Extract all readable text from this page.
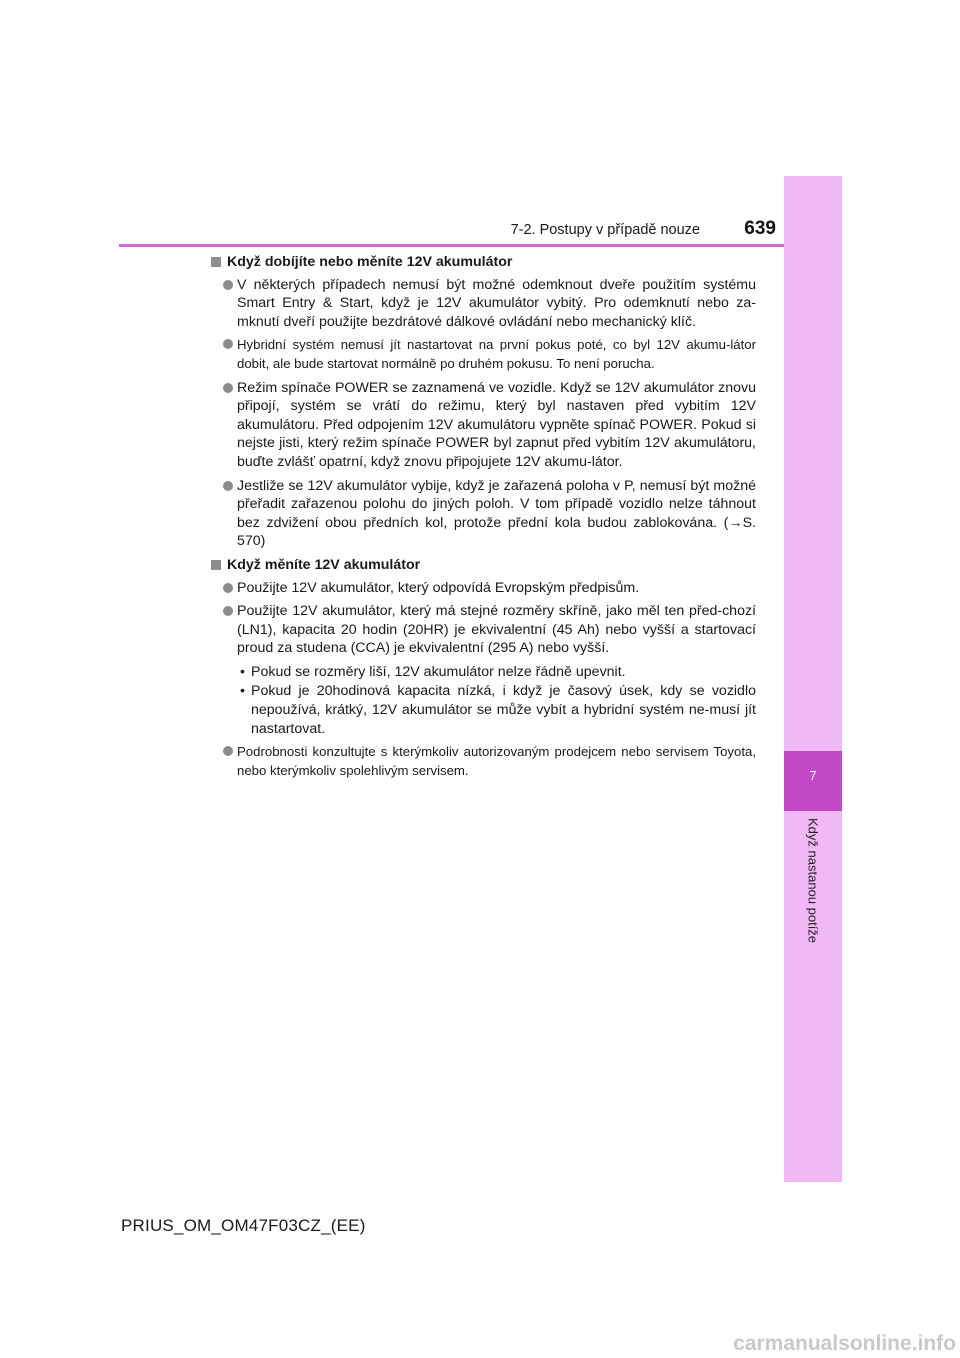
7
Když nastanou potíže
7-2. Postupy v případě nouze	639
Když dobíjíte nebo měníte 12V akumulátor
V některých případech nemusí být možné odemknout dveře použitím systému Smart Entry & Start, když je 12V akumulátor vybitý. Pro odemknutí nebo za-mknutí dveří použijte bezdrátové dálkové ovládání nebo mechanický klíč.
Hybridní systém nemusí jít nastartovat na první pokus poté, co byl 12V akumu-látor dobit, ale bude startovat normálně po druhém pokusu. To není porucha.
Režim spínače POWER se zaznamená ve vozidle. Když se 12V akumulátor znovu připojí, systém se vrátí do režimu, který byl nastaven před vybitím 12V akumulátoru. Před odpojením 12V akumulátoru vypněte spínač POWER. Pokud si nejste jisti, který režim spínače POWER byl zapnut před vybitím 12V akumulátoru, buďte zvlášť opatrní, když znovu připojujete 12V akumu-látor.
Jestliže se 12V akumulátor vybije, když je zařazená poloha v P, nemusí být možné přeřadit zařazenou polohu do jiných poloh. V tom případě vozidlo nelze táhnout bez zdvižení obou předních kol, protože přední kola budou zablokována. (→S. 570)
Když měníte 12V akumulátor
Použijte 12V akumulátor, který odpovídá Evropským předpisům.
Použijte 12V akumulátor, který má stejné rozměry skříně, jako měl ten před-chozí (LN1), kapacita 20 hodin (20HR) je ekvivalentní (45 Ah) nebo vyšší a startovací proud za studena (CCA) je ekvivalentní (295 A) nebo vyšší.
• Pokud se rozměry liší, 12V akumulátor nelze řádně upevnit.
• Pokud je 20hodinová kapacita nízká, i když je časový úsek, kdy se vozidlo nepoužívá, krátký, 12V akumulátor se může vybít a hybridní systém ne-musí jít nastartovat.
Podrobnosti konzultujte s kterýmkoliv autorizovaným prodejcem nebo servisem Toyota, nebo kterýmkoliv spolehlivým servisem.
PRIUS_OM_OM47F03CZ_(EE)
carmanualsonline.info
